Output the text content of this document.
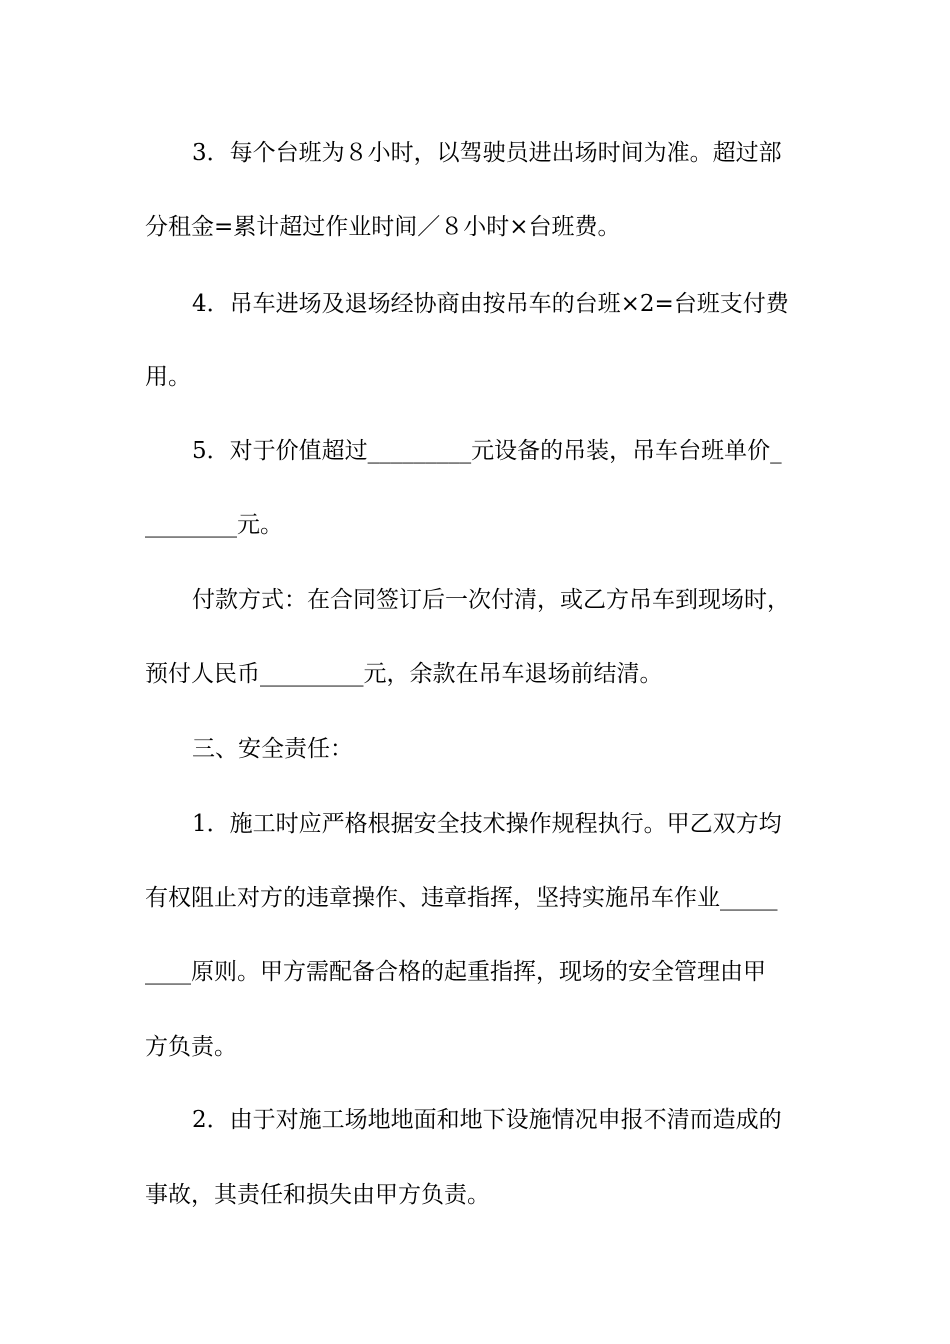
3．每个台班为８小时，以驾驶员进出场时间为准。超过部
分租金=累计超过作业时间／８小时×台班费。
4．吊车进场及退场经协商由按吊车的台班×2=台班支付费
用。
5．对于价值超过_________元设备的吊装，吊车台班单价_
________元。
付款方式：在合同签订后一次付清，或乙方吊车到现场时，
预付人民币_________元，余款在吊车退场前结清。
三、安全责任：
1．施工时应严格根据安全技术操作规程执行。甲乙双方均
有权阻止对方的违章操作、违章指挥，坚持实施吊车作业_____
____原则。甲方需配备合格的起重指挥，现场的安全管理由甲
方负责。
2．由于对施工场地地面和地下设施情况申报不清而造成的
事故，其责任和损失由甲方负责。
